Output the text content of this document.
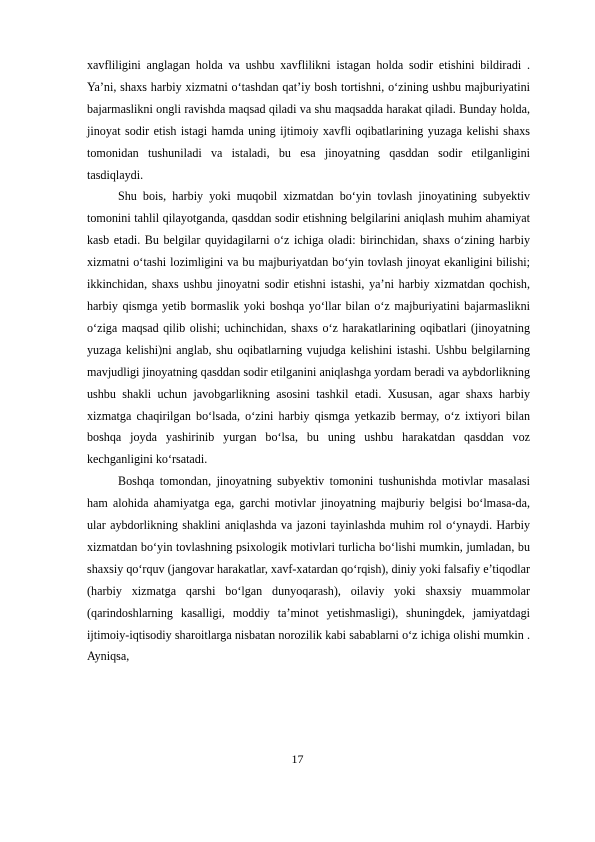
xavfliligini anglagan holda va ushbu xavflilikni istagan holda sodir etishini bildiradi . Ya’ni, shaxs harbiy xizmatni o‘tashdan qat’iy bosh tortishni, o‘zining ushbu majburiyatini bajarmaslikni ongli ravishda maqsad qiladi va shu maqsadda harakat qiladi. Bunday holda, jinoyat sodir etish istagi hamda uning ijtimoiy xavfli oqibatlarining yuzaga kelishi shaxs tomonidan tushuniladi va istaladi, bu esa jinoyatning qasddan sodir etilganligini tasdiqlaydi.

Shu bois, harbiy yoki muqobil xizmatdan bo‘yin tovlash jinoyatining subyektiv tomonini tahlil qilayotganda, qasddan sodir etishning belgilarini aniqlash muhim ahamiyat kasb etadi. Bu belgilar quyidagilarni o‘z ichiga oladi: birinchidan, shaxs o‘zining harbiy xizmatni o‘tashi lozimligini va bu majburiyatdan bo‘yin tovlash jinoyat ekanligini bilishi; ikkinchidan, shaxs ushbu jinoyatni sodir etishni istashi, ya’ni harbiy xizmatdan qochish, harbiy qismga yetib bormaslik yoki boshqa yo‘llar bilan o‘z majburiyatini bajarmaslikni o‘ziga maqsad qilib olishi; uchinchidan, shaxs o‘z harakatlarining oqibatlari (jinoyatning yuzaga kelishi)ni anglab, shu oqibatlarning vujudga kelishini istashi. Ushbu belgilarning mavjudligi jinoyatning qasddan sodir etilganini aniqlashga yordam beradi va aybdorlikning ushbu shakli uchun javobgarlikning asosini tashkil etadi. Xususan, agar shaxs harbiy xizmatga chaqirilgan bo‘lsada, o‘zini harbiy qismga yetkazib bermay, o‘z ixtiyori bilan boshqa joyda yashirinib yurgan bo‘lsa, bu uning ushbu harakatdan qasddan voz kechganligini ko‘rsatadi.

Boshqa tomondan, jinoyatning subyektiv tomonini tushunishda motivlar masalasi ham alohida ahamiyatga ega, garchi motivlar jinoyatning majburiy belgisi bo‘lmasa-da, ular aybdorlikning shaklini aniqlashda va jazoni tayinlashda muhim rol o‘ynaydi. Harbiy xizmatdan bo‘yin tovlashning psixologik motivlari turlicha bo‘lishi mumkin, jumladan, bu shaxsiy qo‘rquv (jangovar harakatlar, xavf-xatardan qo‘rqish), diniy yoki falsafiy e’tiqodlar (harbiy xizmatga qarshi bo‘lgan dunyoqarash), oilaviy yoki shaxsiy muammolar (qarindoshlarning kasalligi, moddiy ta’minot yetishmasligi), shuningdek, jamiyatdagi ijtimoiy-iqtisodiy sharoitlarga nisbatan norozilik kabi sabablarni o‘z ichiga olishi mumkin . Ayniqsa,

17
